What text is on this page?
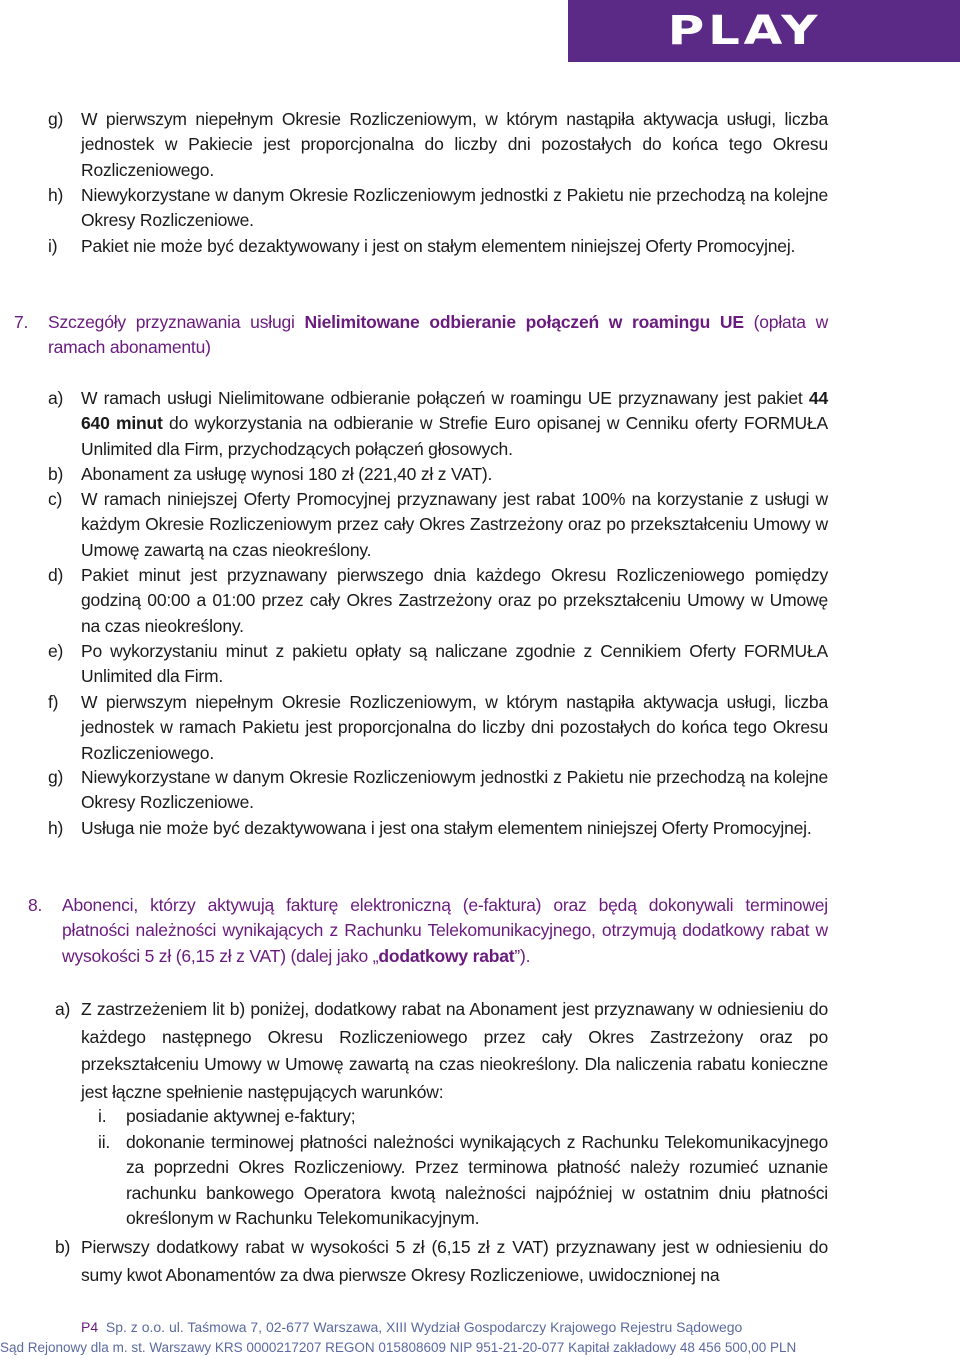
PLAY
g) W pierwszym niepełnym Okresie Rozliczeniowym, w którym nastąpiła aktywacja usługi, liczba jednostek w Pakiecie jest proporcjonalna do liczby dni pozostałych do końca tego Okresu Rozliczeniowego.
h) Niewykorzystane w danym Okresie Rozliczeniowym jednostki z Pakietu nie przechodzą na kolejne Okresy Rozliczeniowe.
i) Pakiet nie może być dezaktywowany i jest on stałym elementem niniejszej Oferty Promocyjnej.
7. Szczegóły przyznawania usługi Nielimitowane odbieranie połączeń w roamingu UE (opłata w ramach abonamentu)
a) W ramach usługi Nielimitowane odbieranie połączeń w roamingu UE przyznawany jest pakiet 44 640 minut do wykorzystania na odbieranie w Strefie Euro opisanej w Cenniku oferty FORMUŁA Unlimited dla Firm, przychodzących połączeń głosowych.
b) Abonament za usługę wynosi 180 zł (221,40 zł z VAT).
c) W ramach niniejszej Oferty Promocyjnej przyznawany jest rabat 100% na korzystanie z usługi w każdym Okresie Rozliczeniowym przez cały Okres Zastrzeżony oraz po przekształceniu Umowy w Umowę zawartą na czas nieokreślony.
d) Pakiet minut jest przyznawany pierwszego dnia każdego Okresu Rozliczeniowego pomiędzy godziną 00:00 a 01:00 przez cały Okres Zastrzeżony oraz po przekształceniu Umowy w Umowę na czas nieokreślony.
e) Po wykorzystaniu minut z pakietu opłaty są naliczane zgodnie z Cennikiem Oferty FORMUŁA Unlimited dla Firm.
f) W pierwszym niepełnym Okresie Rozliczeniowym, w którym nastąpiła aktywacja usługi, liczba jednostek w ramach Pakietu jest proporcjonalna do liczby dni pozostałych do końca tego Okresu Rozliczeniowego.
g) Niewykorzystane w danym Okresie Rozliczeniowym jednostki z Pakietu nie przechodzą na kolejne Okresy Rozliczeniowe.
h) Usługa nie może być dezaktywowana i jest ona stałym elementem niniejszej Oferty Promocyjnej.
8. Abonenci, którzy aktywują fakturę elektroniczną (e-faktura) oraz będą dokonywali terminowej płatności należności wynikających z Rachunku Telekomunikacyjnego, otrzymują dodatkowy rabat w wysokości 5 zł (6,15 zł z VAT) (dalej jako „dodatkowy rabat”).
a) Z zastrzeżeniem lit b) poniżej, dodatkowy rabat na Abonament jest przyznawany w odniesieniu do każdego następnego Okresu Rozliczeniowego przez cały Okres Zastrzeżony oraz po przekształceniu Umowy w Umowę zawartą na czas nieokreślony. Dla naliczenia rabatu konieczne jest łączne spełnienie następujących warunków:
i. posiadanie aktywnej e-faktury;
ii. dokonanie terminowej płatności należności wynikających z Rachunku Telekomunikacyjnego za poprzedni Okres Rozliczeniowy. Przez terminowa płatność należy rozumieć uznanie rachunku bankowego Operatora kwotą należności najpóźniej w ostatnim dniu płatności określonym w Rachunku Telekomunikacyjnym.
b) Pierwszy dodatkowy rabat w wysokości 5 zł (6,15 zł z VAT) przyznawany jest w odniesieniu do sumy kwot Abonamentów za dwa pierwsze Okresy Rozliczeniowe, uwidocznionej na
P4 Sp. z o.o. ul. Taśmowa 7, 02-677 Warszawa, XIII Wydział Gospodarczy Krajowego Rejestru Sądowego
Sąd Rejonowy dla m. st. Warszawy KRS 0000217207 REGON 015808609 NIP 951-21-20-077 Kapitał zakładowy 48 456 500,00 PLN
